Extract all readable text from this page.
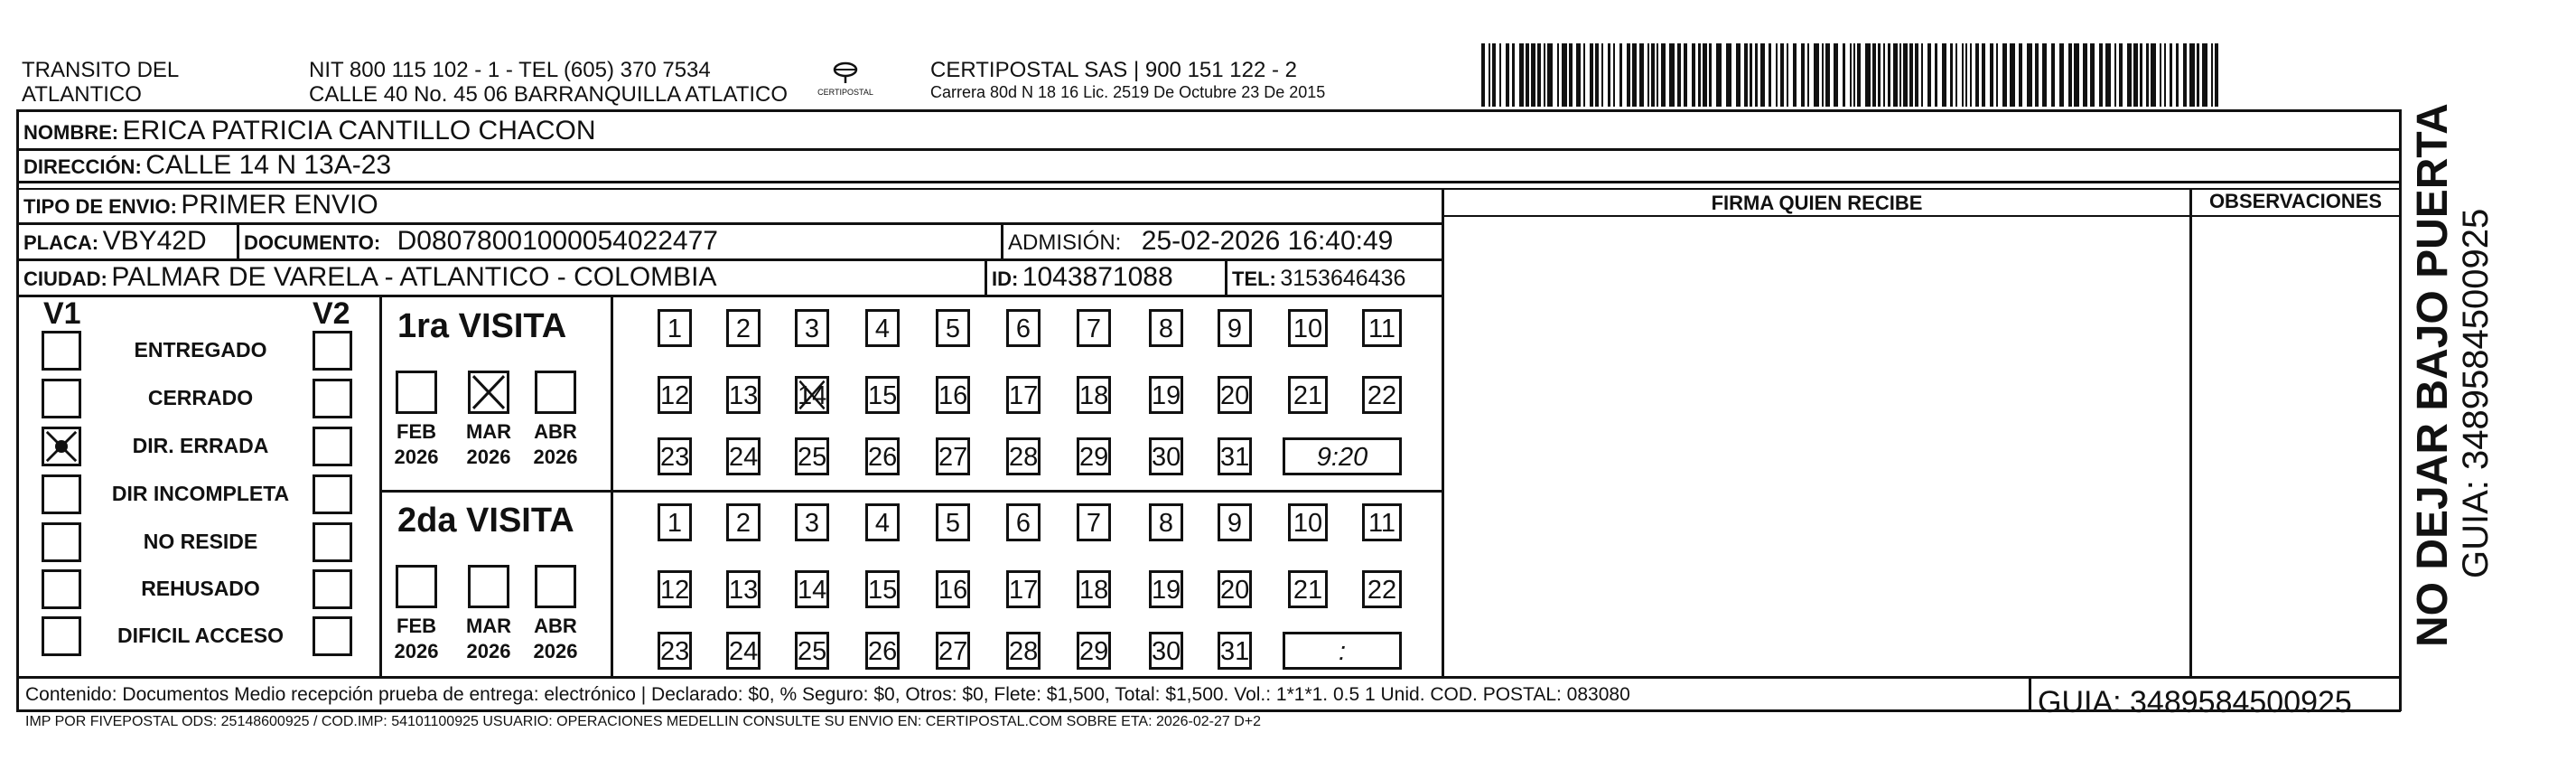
TRANSITO DEL
ATLANTICO
NIT 800 115 102 - 1 - TEL (605) 370 7534
CALLE 40 No. 45 06 BARRANQUILLA ATLATICO	CERTIPOSTAL
CERTIPOSTAL SAS | 900 151 122 - 2
Carrera 80d N 18 16 Lic. 2519 De Octubre 23 De 2015
NOMBRE: ERICA PATRICIA CANTILLO CHACON
DIRECCIÓN: CALLE 14 N 13A-23
TIPO DE ENVIO: PRIMER ENVIO
PLACA: VBY42D DOCUMENTO: D08078001000054022477	ADMISIÓN: 25-02-2026 16:40:49
CIUDAD: PALMAR DE VARELA - ATLANTICO - COLOMBIA	ID: 1043871088	TEL: 3153646436
FIRMA QUIEN RECIBE	OBSERVACIONES
V1	V2
ENTREGADO
CERRADO
DIR. ERRADA
DIR INCOMPLETA
NO RESIDE
REHUSADO
DIFICIL ACCESO
1ra VISITA
FEB
2026
MAR
2026
ABR
2026
1	2	3	4	5	6	7	8	9	10 11
12 13 14 15 16 17 18 19 20 21 22
23 24 25 26 27 28 29 30 31	9:20
2da VISITA
FEB
2026
MAR
2026
ABR
2026
1	2	3	4	5	6	7	8	9	10 11
12 13 14 15 16 17 18 19 20 21 22
23 24 25 26 27 28 29 30 31	:
Contenido: Documentos Medio recepción prueba de entrega: electrónico | Declarado: $0, % Seguro: $0, Otros: $0, Flete: $1,500, Total: $1,500. Vol.: 1*1*1. 0.5 1 Unid. COD. POSTAL: 083080
IMP POR FIVEPOSTAL ODS: 25148600925 / COD.IMP: 54101100925 USUARIO: OPERACIONES MEDELLIN CONSULTE SU ENVIO EN: CERTIPOSTAL.COM SOBRE ETA: 2026-02-27 D+2
GUIA: 3489584500925
NO DEJAR BAJO PUERTA GUIA: 3489584500925
